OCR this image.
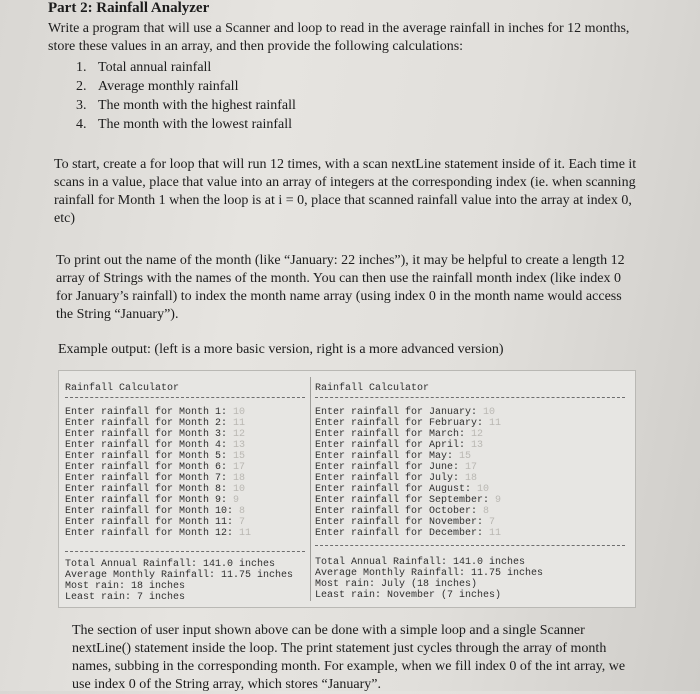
Part 2: Rainfall Analyzer
Write a program that will use a Scanner and loop to read in the average rainfall in inches for 12 months, store these values in an array, and then provide the following calculations:
1. Total annual rainfall
2. Average monthly rainfall
3. The month with the highest rainfall
4. The month with the lowest rainfall
To start, create a for loop that will run 12 times, with a scan nextLine statement inside of it. Each time it scans in a value, place that value into an array of integers at the corresponding index (ie. when scanning rainfall for Month 1 when the loop is at i = 0, place that scanned rainfall value into the array at index 0, etc)
To print out the name of the month (like “January: 22 inches”), it may be helpful to create a length 12 array of Strings with the names of the month. You can then use the rainfall month index (like index 0 for January’s rainfall) to index the month name array (using index 0 in the month name would access the String “January”).
Example output: (left is a more basic version, right is a more advanced version)
Rainfall Calculator
Enter rainfall for Month 1: 10
Enter rainfall for Month 2: 11
Enter rainfall for Month 3: 12
Enter rainfall for Month 4: 13
Enter rainfall for Month 5: 15
Enter rainfall for Month 6: 17
Enter rainfall for Month 7: 18
Enter rainfall for Month 8: 10
Enter rainfall for Month 9: 9
Enter rainfall for Month 10: 8
Enter rainfall for Month 11: 7
Enter rainfall for Month 12: 11
Total Annual Rainfall: 141.0 inches
Average Monthly Rainfall: 11.75 inches
Most rain: 18 inches
Least rain: 7 inches
Rainfall Calculator
Enter rainfall for January: 10
Enter rainfall for February: 11
Enter rainfall for March: 12
Enter rainfall for April: 13
Enter rainfall for May: 15
Enter rainfall for June: 17
Enter rainfall for July: 18
Enter rainfall for August: 10
Enter rainfall for September: 9
Enter rainfall for October: 8
Enter rainfall for November: 7
Enter rainfall for December: 11
Total Annual Rainfall: 141.0 inches
Average Monthly Rainfall: 11.75 inches
Most rain: July (18 inches)
Least rain: November (7 inches)
The section of user input shown above can be done with a simple loop and a single Scanner nextLine() statement inside the loop. The print statement just cycles through the array of month names, subbing in the corresponding month. For example, when we fill index 0 of the int array, we use index 0 of the String array, which stores “January”.
